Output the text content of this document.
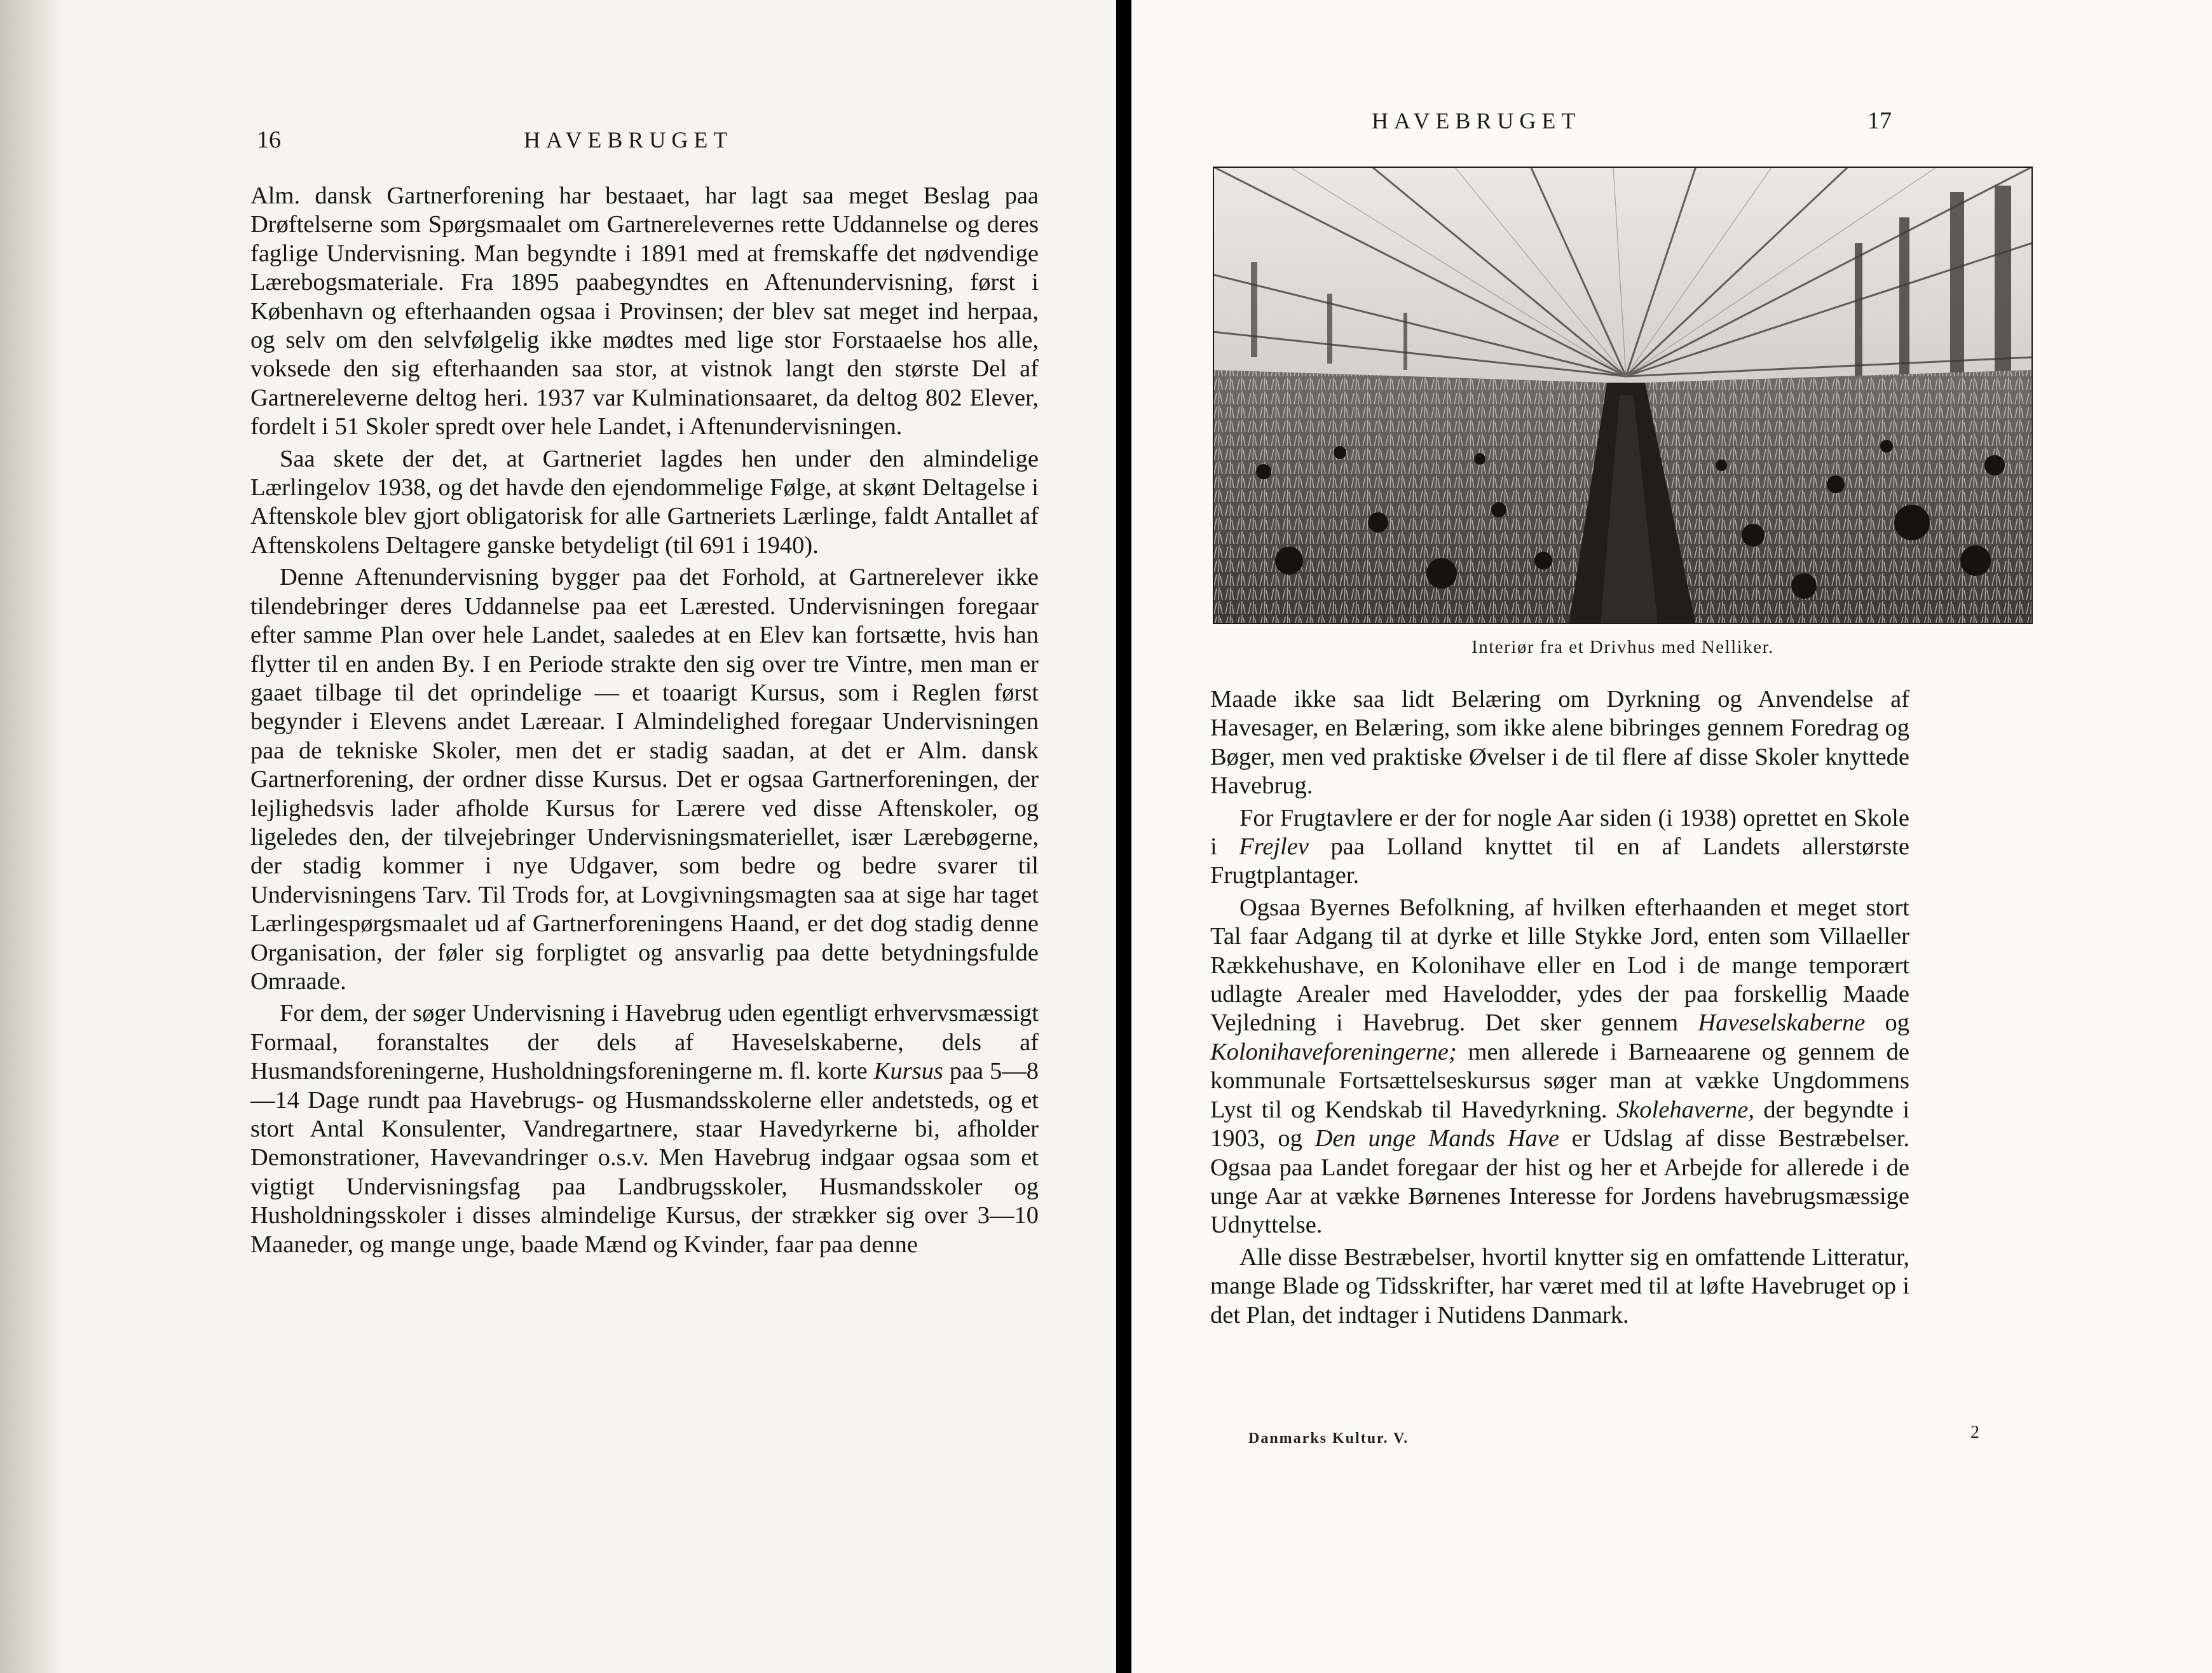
16	HAVEBRUGET

Alm. dansk Gartnerforening har bestaaet, har lagt saa meget Beslag paa Drøftelserne som Spørgsmaalet om Gartnerelevernes rette Uddannelse og deres faglige Undervisning. Man begyndte i 1891 med at fremskaffe det nødvendige Lærebogsmateriale. Fra 1895 paabegyndtes en Aftenundervisning, først i København og efterhaanden ogsaa i Provinsen; der blev sat meget ind herpaa, og selv om den selvfølgelig ikke mødtes med lige stor Forstaaelse hos alle, voksede den sig efterhaanden saa stor, at vistnok langt den største Del af Gartnereleverne deltog heri. 1937 var Kulminationsaaret, da deltog 802 Elever, fordelt i 51 Skoler spredt over hele Landet, i Aftenundervisningen.

Saa skete der det, at Gartneriet lagdes hen under den almindelige Lærlingelov 1938, og det havde den ejendommelige Følge, at skønt Deltagelse i Aftenskole blev gjort obligatorisk for alle Gartneriets Lærlinge, faldt Antallet af Aftenskolens Deltagere ganske betydeligt (til 691 i 1940).

Denne Aftenundervisning bygger paa det Forhold, at Gartnerelever ikke tilendebringer deres Uddannelse paa eet Lærested. Undervisningen foregaar efter samme Plan over hele Landet, saaledes at en Elev kan fortsætte, hvis han flytter til en anden By. I en Periode strakte den sig over tre Vintre, men man er gaaet tilbage til det oprindelige — et toaarigt Kursus, som i Reglen først begynder i Elevens andet Læreaar. I Almindelighed foregaar Undervisningen paa de tekniske Skoler, men det er stadig saadan, at det er Alm. dansk Gartnerforening, der ordner disse Kursus. Det er ogsaa Gartnerforeningen, der lejlighedsvis lader afholde Kursus for Lærere ved disse Aftenskoler, og ligeledes den, der tilvejebringer Undervisningsmateriellet, især Lærebøgerne, der stadig kommer i nye Udgaver, som bedre og bedre svarer til Undervisningens Tarv. Til Trods for, at Lovgivningsmagten saa at sige har taget Lærlingespørgsmaalet ud af Gartnerforeningens Haand, er det dog stadig denne Organisation, der føler sig forpligtet og ansvarlig paa dette betydningsfulde Omraade.

For dem, der søger Undervisning i Havebrug uden egentligt erhvervsmæssigt Formaal, foranstaltes der dels af Haveselskaberne, dels af Husmandsforeningerne, Husholdningsforeningerne m. fl. korte Kursus paa 5—8—14 Dage rundt paa Havebrugs- og Husmandsskolerne eller andetsteds, og et stort Antal Konsulenter, Vandregartnere, staar Havedyrkerne bi, afholder Demonstrationer, Havevandringer o.s.v. Men Havebrug indgaar ogsaa som et vigtigt Undervisningsfag paa Landbrugsskoler, Husmandsskoler og Husholdningsskoler i disses almindelige Kursus, der strækker sig over 3—10 Maaneder, og mange unge, baade Mænd og Kvinder, faar paa denne

HAVEBRUGET	17
Interiør fra et Drivhus med Nelliker.

Maade ikke saa lidt Belæring om Dyrkning og Anvendelse af Havesager, en Belæring, som ikke alene bibringes gennem Foredrag og Bøger, men ved praktiske Øvelser i de til flere af disse Skoler knyttede Havebrug.

For Frugtavlere er der for nogle Aar siden (i 1938) oprettet en Skole i Frejlev paa Lolland knyttet til en af Landets allerstørste Frugtplantager.

Ogsaa Byernes Befolkning, af hvilken efterhaanden et meget stort Tal faar Adgang til at dyrke et lille Stykke Jord, enten som Villaeller Rækkehushave, en Kolonihave eller en Lod i de mange temporært udlagte Arealer med Havelodder, ydes der paa forskellig Maade Vejledning i Havebrug. Det sker gennem Haveselskaberne og Kolonihaveforeningerne; men allerede i Barneaarene og gennem de kommunale Fortsættelseskursus søger man at vække Ungdommens Lyst til og Kendskab til Havedyrkning. Skolehaverne, der begyndte i 1903, og Den unge Mands Have er Udslag af disse Bestræbelser. Ogsaa paa Landet foregaar der hist og her et Arbejde for allerede i de unge Aar at vække Børnenes Interesse for Jordens havebrugsmæssige Udnyttelse.

Alle disse Bestræbelser, hvortil knytter sig en omfattende Litteratur, mange Blade og Tidsskrifter, har været med til at løfte Havebruget op i det Plan, det indtager i Nutidens Danmark.

Danmarks Kultur. V.	2
